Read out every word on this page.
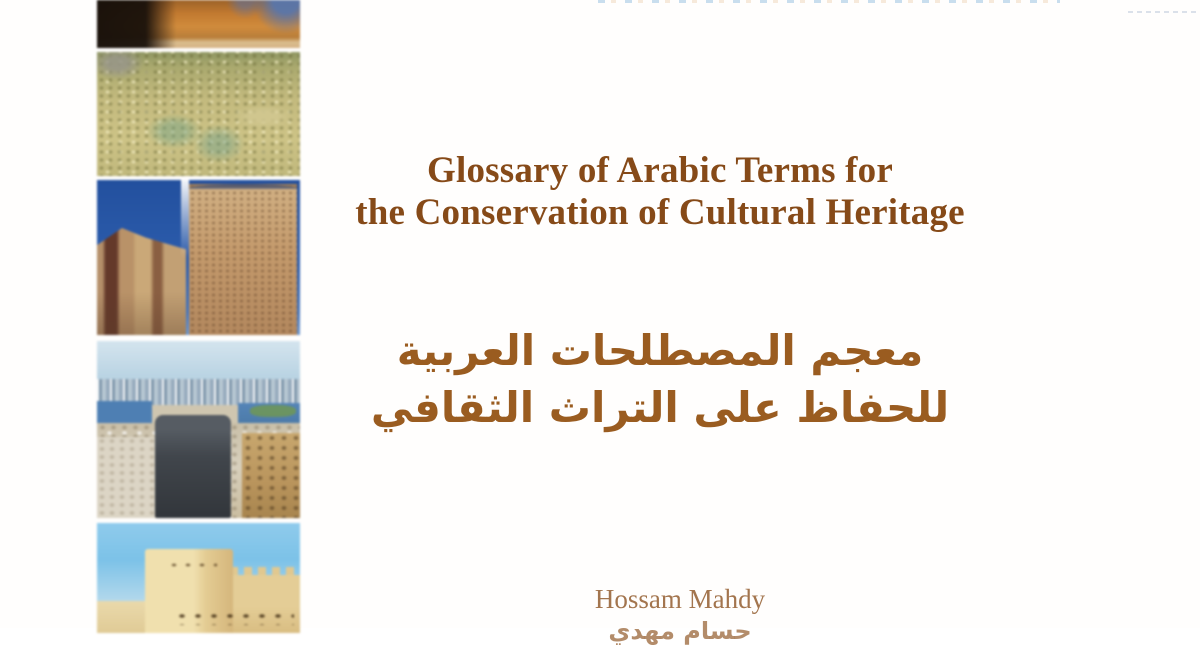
Glossary of Arabic Terms for
the Conservation of Cultural Heritage
معجم المصطلحات العربية
للحفاظ على التراث الثقافي
Hossam Mahdy
حسام مهدي
